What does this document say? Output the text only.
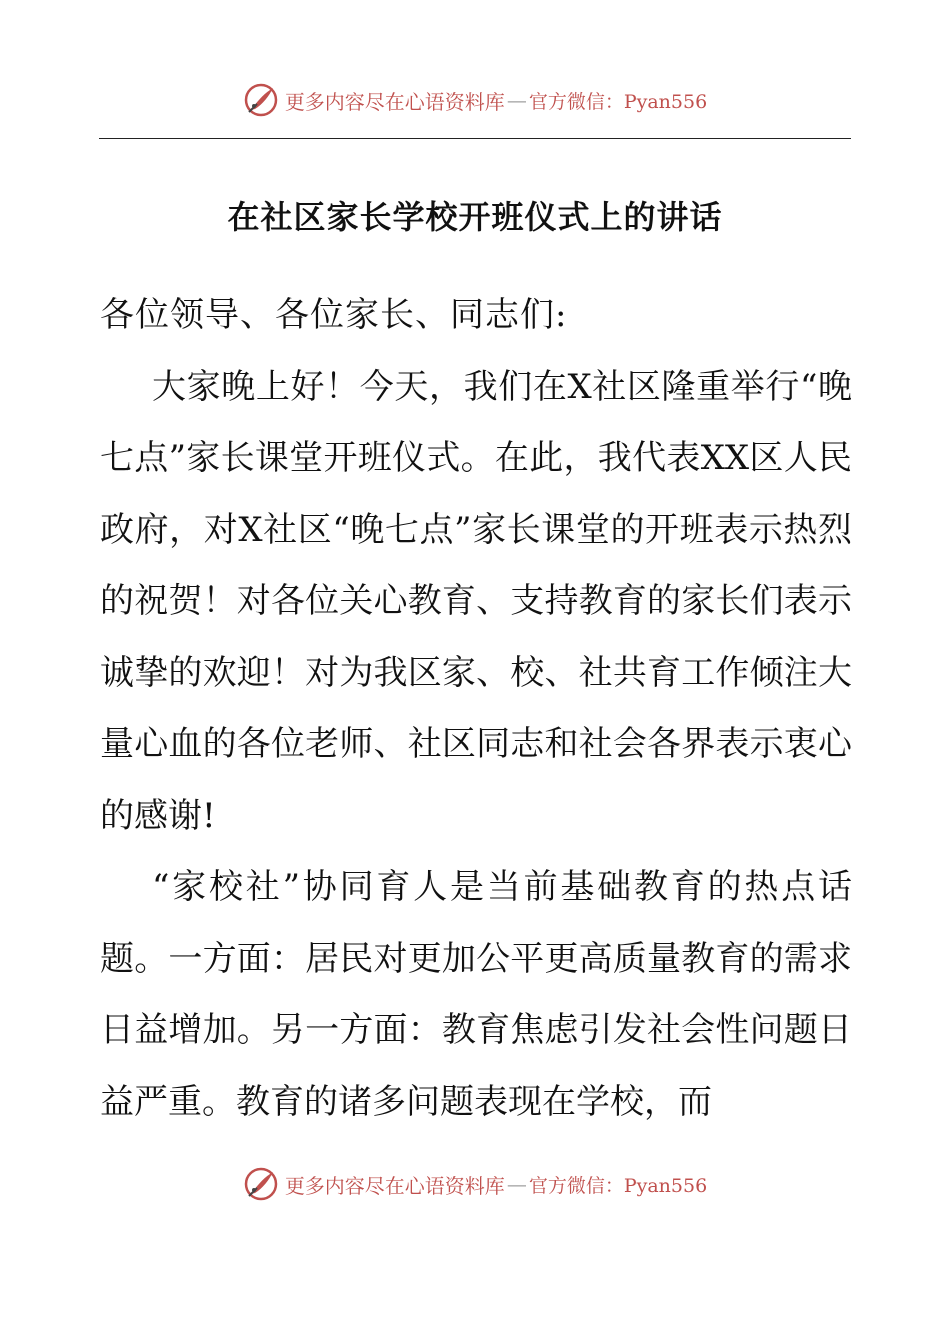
更多内容尽在心语资料库 — 官方微信：Pyan556
在社区家长学校开班仪式上的讲话

各位领导、各位家长、同志们:

大家晚上好！今天，我们在X社区隆重举行“晚七点”家长课堂开班仪式。在此，我代表XX区人民政府，对X社区“晚七点”家长课堂的开班表示热烈的祝贺！对各位关心教育、支持教育的家长们表示诚挚的欢迎！对为我区家、校、社共育工作倾注大量心血的各位老师、社区同志和社会各界表示衷心的感谢!

“家校社”协同育人是当前基础教育的热点话题。一方面：居民对更加公平更高质量教育的需求日益增加。另一方面：教育焦虑引发社会性问题日益严重。教育的诸多问题表现在学校，而

更多内容尽在心语资料库 — 官方微信：Pyan556
